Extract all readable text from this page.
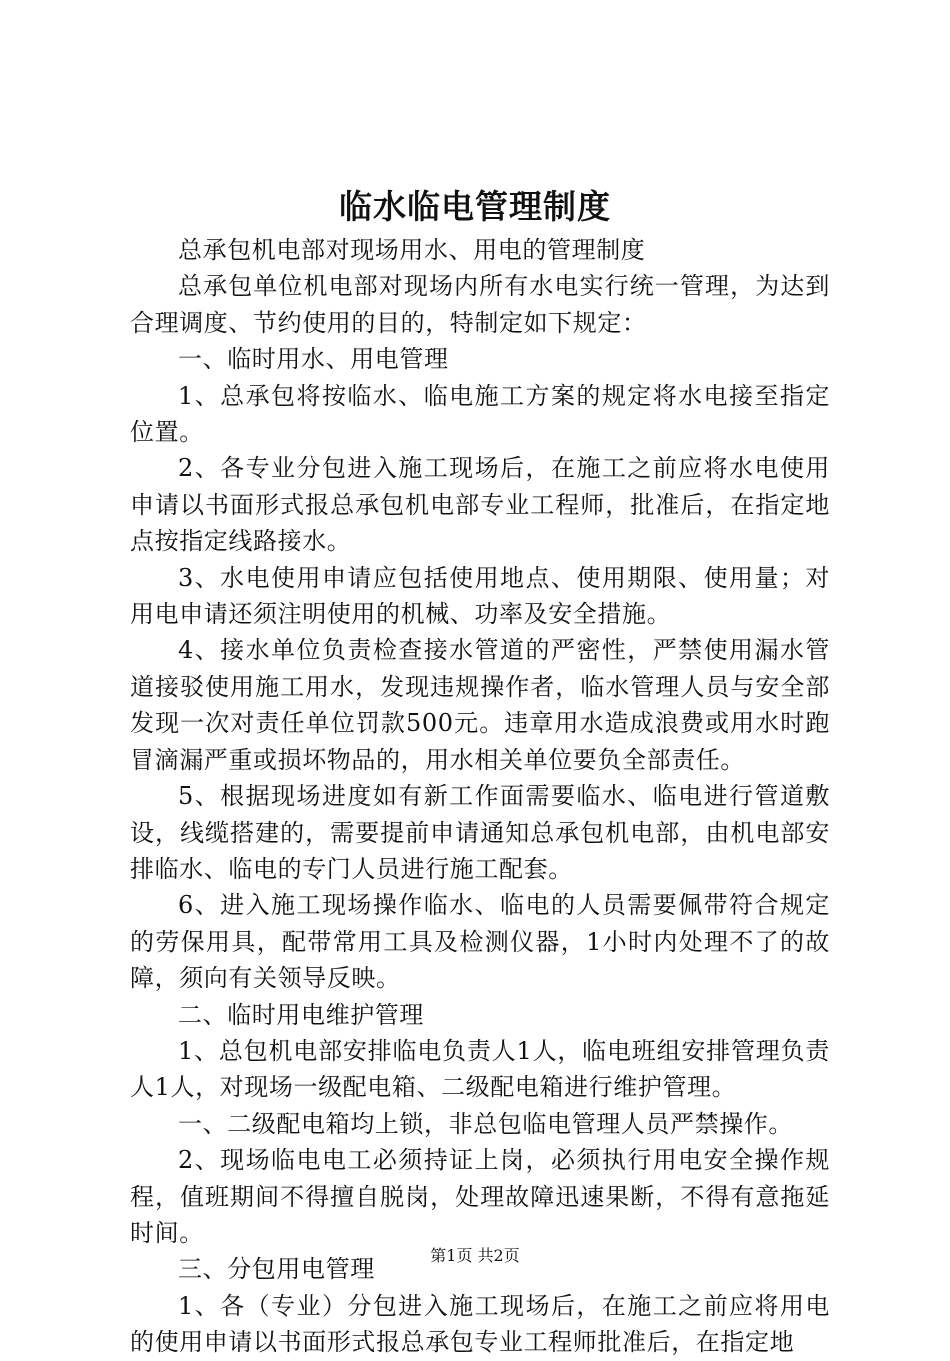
临水临电管理制度

总承包机电部对现场用水、用电的管理制度

总承包单位机电部对现场内所有水电实行统一管理，为达到合理调度、节约使用的目的，特制定如下规定：

一、临时用水、用电管理

1、总承包将按临水、临电施工方案的规定将水电接至指定位置。

2、各专业分包进入施工现场后，在施工之前应将水电使用申请以书面形式报总承包机电部专业工程师，批准后，在指定地点按指定线路接水。

3、水电使用申请应包括使用地点、使用期限、使用量；对用电申请还须注明使用的机械、功率及安全措施。

4、接水单位负责检查接水管道的严密性，严禁使用漏水管道接驳使用施工用水，发现违规操作者，临水管理人员与安全部发现一次对责任单位罚款500元。违章用水造成浪费或用水时跑冒滴漏严重或损坏物品的，用水相关单位要负全部责任。

5、根据现场进度如有新工作面需要临水、临电进行管道敷设，线缆搭建的，需要提前申请通知总承包机电部，由机电部安排临水、临电的专门人员进行施工配套。

6、进入施工现场操作临水、临电的人员需要佩带符合规定的劳保用具，配带常用工具及检测仪器，1小时内处理不了的故障，须向有关领导反映。

二、临时用电维护管理

1、总包机电部安排临电负责人1人，临电班组安排管理负责人1人，对现场一级配电箱、二级配电箱进行维护管理。

一、二级配电箱均上锁，非总包临电管理人员严禁操作。

2、现场临电电工必须持证上岗，必须执行用电安全操作规程，值班期间不得擅自脱岗，处理故障迅速果断，不得有意拖延时间。

三、分包用电管理

1、各（专业）分包进入施工现场后，在施工之前应将用电的使用申请以书面形式报总承包专业工程师批准后，在指定地

第1页 共2页
